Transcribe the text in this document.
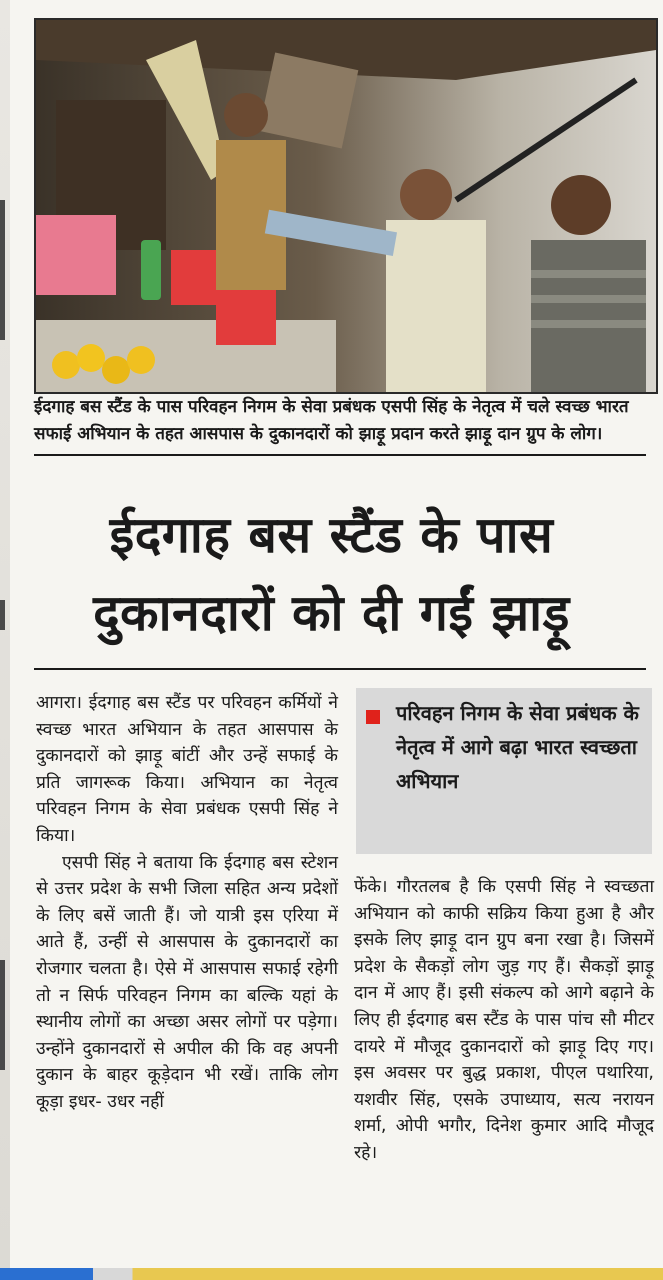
ईदगाह बस स्टैंड के पास परिवहन निगम के सेवा प्रबंधक एसपी सिंह के नेतृत्व में चले स्वच्छ भारत सफाई अभियान के तहत आसपास के दुकानदारों को झाड़ू प्रदान करते झाड़ू दान ग्रुप के लोग।
ईदगाह बस स्टैंड के पास
दुकानदारों को दी गईं झाड़ू

आगरा। ईदगाह बस स्टैंड पर परिवहन कर्मियों ने स्वच्छ भारत अभियान के तहत आसपास के दुकानदारों को झाड़ू बांटीं और उन्हें सफाई के प्रति जागरूक किया। अभियान का नेतृत्व परिवहन निगम के सेवा प्रबंधक एसपी सिंह ने किया।

एसपी सिंह ने बताया कि ईदगाह बस स्टेशन से उत्तर प्रदेश के सभी जिला सहित अन्य प्रदेशों के लिए बसें जाती हैं। जो यात्री इस एरिया में आते हैं, उन्हीं से आसपास के दुकानदारों का रोजगार चलता है। ऐसे में आसपास सफाई रहेगी तो न सिर्फ परिवहन निगम का बल्कि यहां के स्थानीय लोगों का अच्छा असर लोगों पर पड़ेगा। उन्होंने दुकानदारों से अपील की कि वह अपनी दुकान के बाहर कूड़ेदान भी रखें। ताकि लोग कूड़ा इधर- उधर नहीं

परिवहन निगम के सेवा प्रबंधक के नेतृत्व में आगे बढ़ा भारत स्वच्छता अभियान

फेंके। गौरतलब है कि एसपी सिंह ने स्वच्छता अभियान को काफी सक्रिय किया हुआ है और इसके लिए झाड़ू दान ग्रुप बना रखा है। जिसमें प्रदेश के सैकड़ों लोग जुड़ गए हैं। सैकड़ों झाड़ू दान में आए हैं। इसी संकल्प को आगे बढ़ाने के लिए ही ईदगाह बस स्टैंड के पास पांच सौ मीटर दायरे में मौजूद दुकानदारों को झाड़ू दिए गए। इस अवसर पर बुद्ध प्रकाश, पीएल पथारिया, यशवीर सिंह, एसके उपाध्याय, सत्य नरायन शर्मा, ओपी भगौर, दिनेश कुमार आदि मौजूद रहे।
